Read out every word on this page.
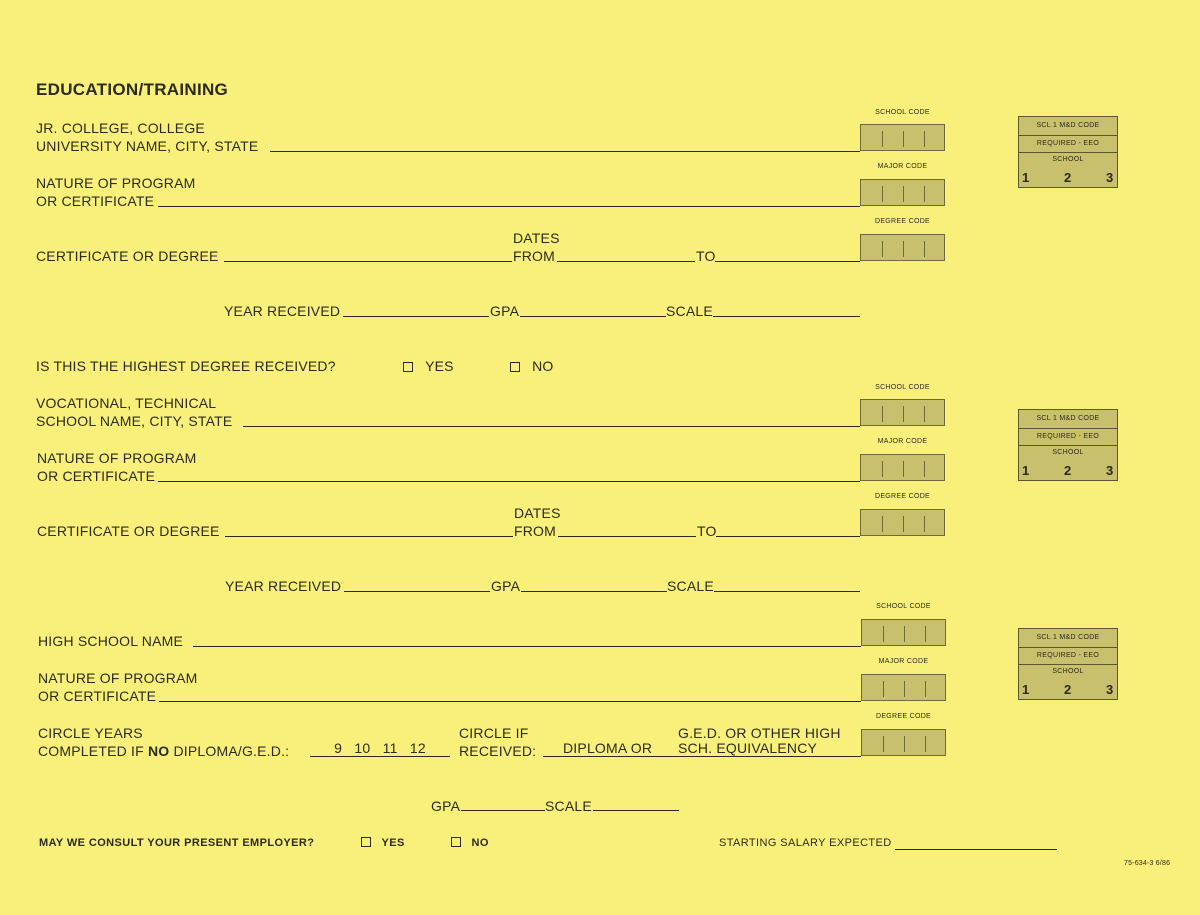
EDUCATION/TRAINING
JR. COLLEGE, COLLEGE
UNIVERSITY NAME, CITY, STATE
SCHOOL CODE
NATURE OF PROGRAM
OR CERTIFICATE
MAJOR CODE
DATES
CERTIFICATE OR DEGREE	FROM	TO
DEGREE CODE
YEAR RECEIVED	GPA	SCALE
IS THIS THE HIGHEST DEGREE RECEIVED?	YES	NO
SCL 1 M&D CODE
REQUIRED - EEO
SCHOOL
1	2	3
SCHOOL CODE
VOCATIONAL, TECHNICAL
SCHOOL NAME, CITY, STATE
MAJOR CODE
NATURE OF PROGRAM
OR CERTIFICATE
DEGREE CODE
DATES
CERTIFICATE OR DEGREE	FROM	TO
YEAR RECEIVED	GPA	SCALE
SCL 1 M&D CODE
REQUIRED - EEO
SCHOOL
1	2	3
SCHOOL CODE
HIGH SCHOOL NAME
MAJOR CODE
NATURE OF PROGRAM
OR CERTIFICATE
DEGREE CODE
CIRCLE YEARS
COMPLETED IF NO DIPLOMA/G.E.D.:	9   10   11   12
CIRCLE IF
RECEIVED: DIPLOMA OR
G.E.D. OR OTHER HIGH
SCH. EQUIVALENCY
GPA	SCALE
SCL 1 M&D CODE
REQUIRED - EEO
SCHOOL
1	2	3
MAY WE CONSULT YOUR PRESENT EMPLOYER?	YES	NO	STARTING SALARY EXPECTED
75-634-3 6/86
